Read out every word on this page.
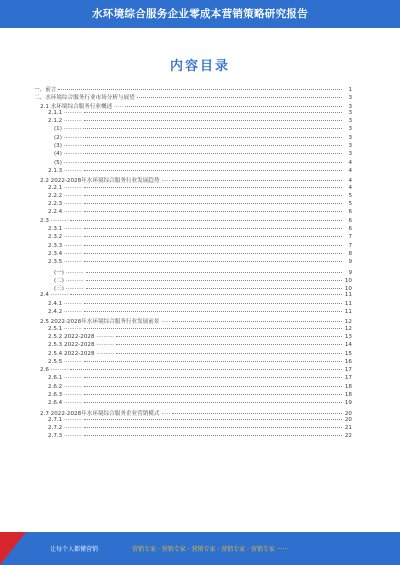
水环境综合服务企业零成本营销策略研究报告
内容目录
一、前言	1
二、水环境综合服务行业市场分析与展望	3
2.1 水环境综合服务行业概述 ·····	3
2.1.1 ··········	3
2.1.2 ··········	3
(1) ··········	3
(2) ··········	3
(3) ··········	3
(4) ··········	3
(5) ··········	4
2.1.3 ··········	4
2.2 2022-2028年水环境综合服务行业发展趋势 ·····	4
2.2.1 ··········	4
2.2.2 ··········	5
2.2.3 ··········	5
2.2.4 ··········	6
2.3 ··········	6
2.3.1 ··········	6
2.3.2 ··········	7
2.3.3 ··········	7
2.3.4 ··········	8
2.3.5 ··········	9
(一) ··········	9
(二) ··········	10
(三) ··········	10
2.4 ··········	11
2.4.1 ··········	11
2.4.2 ··········	11
2.5 2022-2028年水环境综合服务行业发展前景 ·····	12
2.5.1 ··········	12
2.5.2 2022-2028 ··········	13
2.5.3 2022-2028 ··········	14
2.5.4 2022-2028 ··········	15
2.5.5 ··········	16
2.6 ··········	17
2.6.1 ··········	17
2.6.2 ··········	18
2.6.3 ··········	18
2.6.4 ··········	19
2.7 2022-2028年水环境综合服务企业营销模式 ·····	20
2.7.1 ··········	20
2.7.2 ··········	21
2.7.3 ··········	22
让每个人都懂营销	营销专家 · 营销专家 · 营销专家 · 营销专家 · 营销专家 ······
